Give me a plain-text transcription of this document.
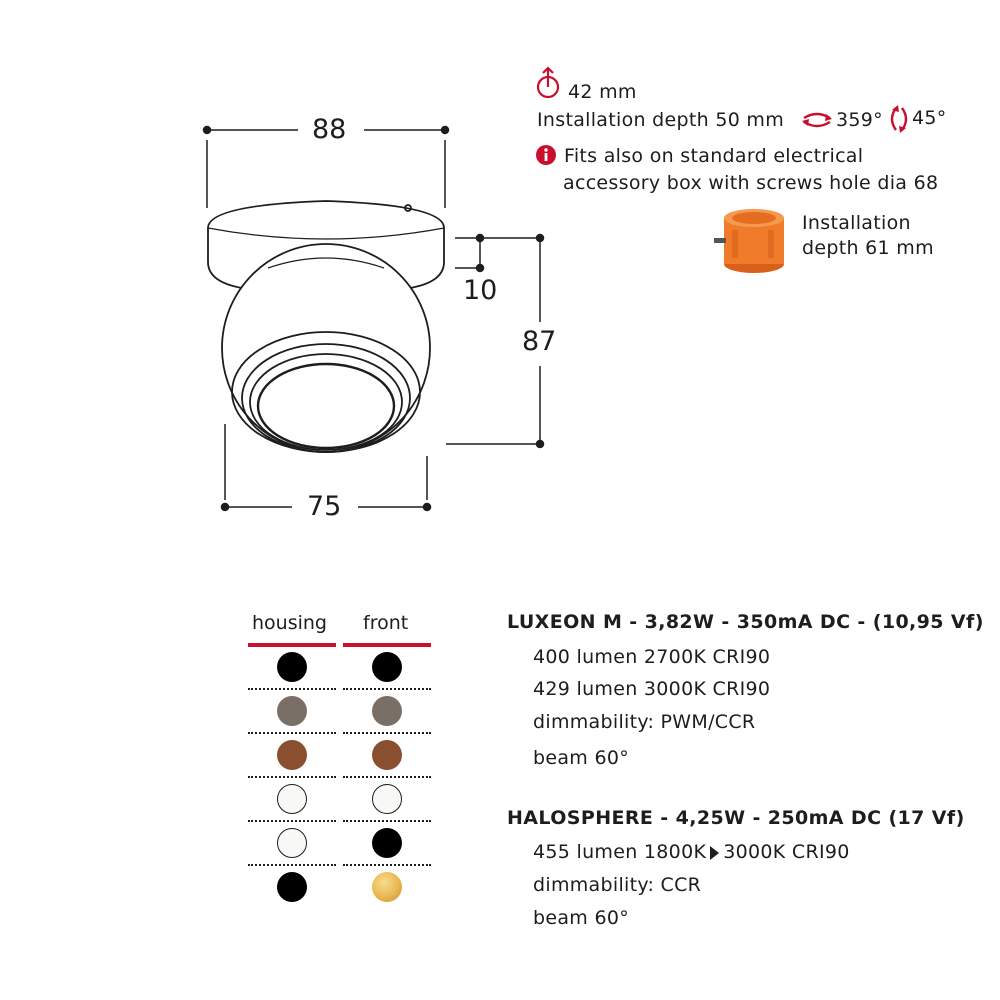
88
75
87
10
42 mm
Installation depth 50 mm	359° 45°
Fits also on standard electrical
accessory box with screws hole dia 68
Installation
depth 61 mm
housing front	LUXEON M - 3,82W - 350mA DC - (10,95 Vf)
400 lumen 2700K CRI90
429 lumen 3000K CRI90
dimmability: PWM/CCR
beam 60°
HALOSPHERE - 4,25W - 250mA DC (17 Vf)
455 lumen 1800K 3000K CRI90
dimmability: CCR
beam 60°
